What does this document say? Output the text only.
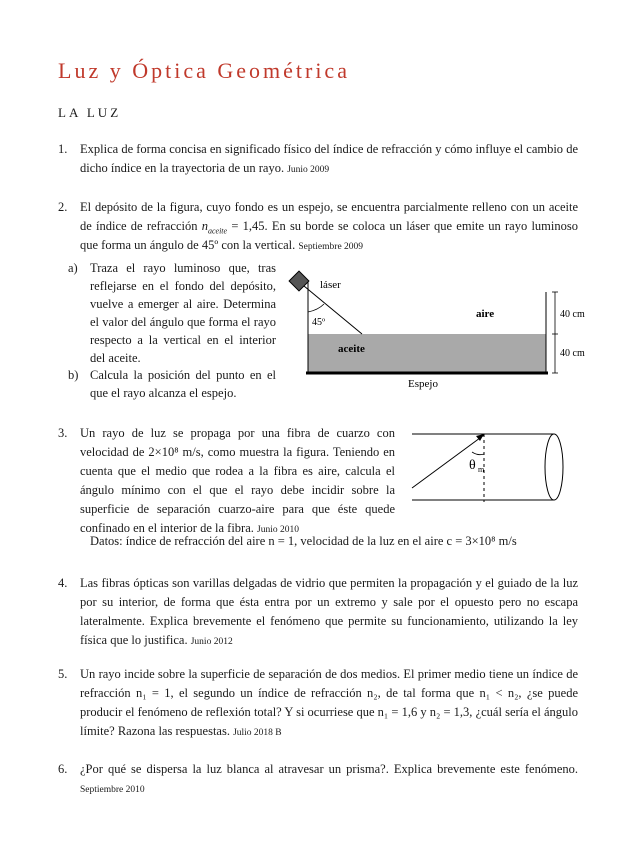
Luz y Óptica Geométrica
LA LUZ
1. Explica de forma concisa en significado físico del índice de refracción y cómo influye el cambio de dicho índice en la trayectoria de un rayo. Junio 2009
2. El depósito de la figura, cuyo fondo es un espejo, se encuentra parcialmente relleno con un aceite de índice de refracción $n_{aceite} = 1,45$. En su borde se coloca un láser que emite un rayo luminoso que forma un ángulo de 45º con la vertical. Septiembre 2009
a) Traza el rayo luminoso que, tras reflejarse en el fondo del depósito, vuelve a emerger al aire. Determina el valor del ángulo que forma el rayo respecto a la vertical en el interior del aceite.
b) Calcula la posición del punto en el que el rayo alcanza el espejo.
láser
45º
aire
aceite
Espejo
40 cm
40 cm
3. Un rayo de luz se propaga por una fibra de cuarzo con velocidad de 2×10⁸ m/s, como muestra la figura. Teniendo en cuenta que el medio que rodea a la fibra es aire, calcula el ángulo mínimo con el que el rayo debe incidir sobre la superficie de separación cuarzo-aire para que éste quede confinado en el interior de la fibra. Junio 2010
θ m
Datos: índice de refracción del aire n = 1, velocidad de la luz en el aire c = 3×10⁸ m/s
4. Las fibras ópticas son varillas delgadas de vidrio que permiten la propagación y el guiado de la luz por su interior, de forma que ésta entra por un extremo y sale por el opuesto pero no escapa lateralmente. Explica brevemente el fenómeno que permite su funcionamiento, utilizando la ley física que lo justifica. Junio 2012
5. Un rayo incide sobre la superficie de separación de dos medios. El primer medio tiene un índice de refracción n₁ = 1, el segundo un índice de refracción n₂, de tal forma que n₁ < n₂, ¿se puede producir el fenómeno de reflexión total? Y si ocurriese que n₁ = 1,6 y n₂ = 1,3, ¿cuál sería el ángulo límite? Razona las respuestas. Julio 2018 B
6. ¿Por qué se dispersa la luz blanca al atravesar un prisma?. Explica brevemente este fenómeno. Septiembre 2010
